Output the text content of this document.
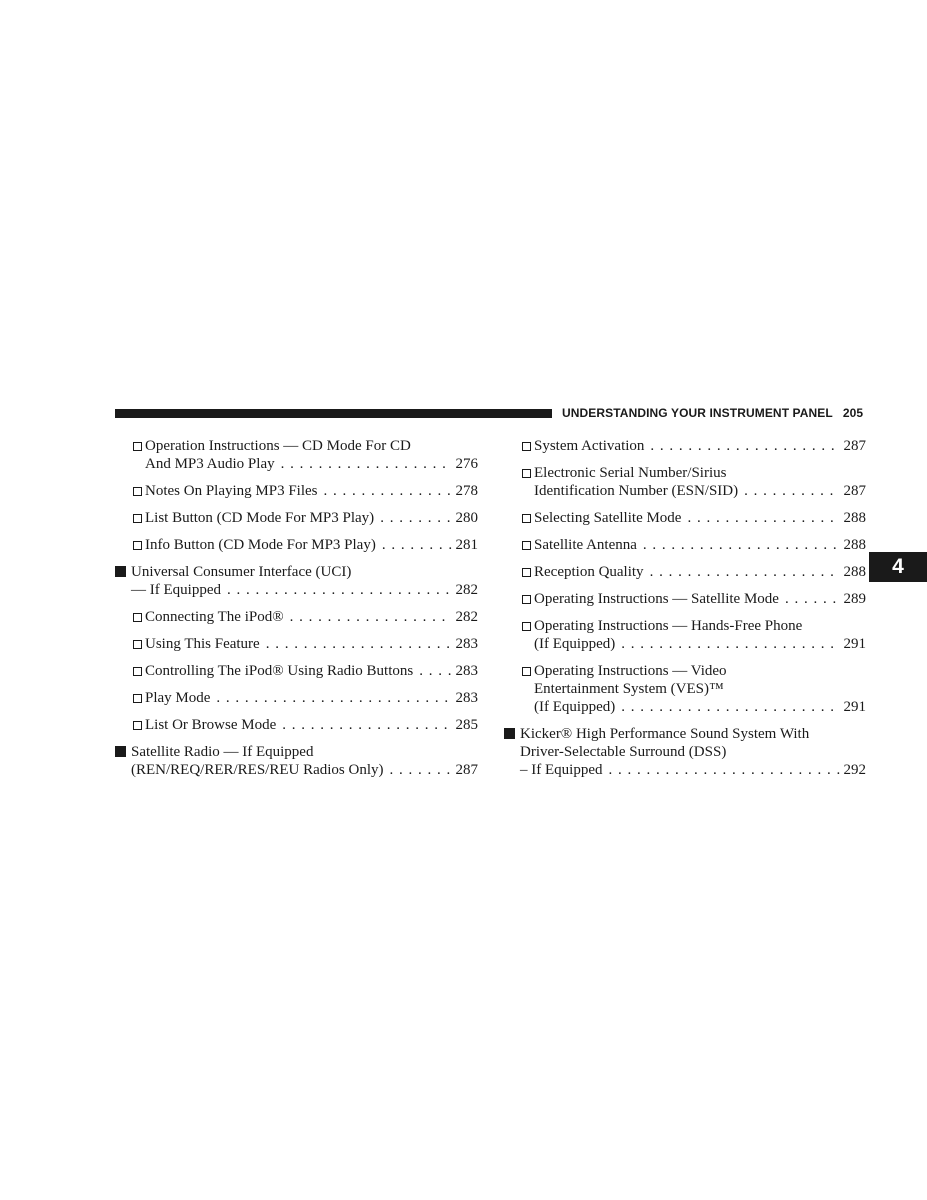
UNDERSTANDING YOUR INSTRUMENT PANEL 205
4
Operation Instructions — CD Mode For CD
And MP3 Audio Play . . .	276
Notes On Playing MP3 Files . . .	278
List Button (CD Mode For MP3 Play) . . .	280
Info Button (CD Mode For MP3 Play) . . .	281
Universal Consumer Interface (UCI)
— If Equipped . . .	282
Connecting The iPod® . . .	282
Using This Feature . . .	283
Controlling The iPod® Using Radio Buttons . . .	283
Play Mode . . .	283
List Or Browse Mode . . .	285
Satellite Radio — If Equipped
(REN/REQ/RER/RES/REU Radios Only) . . .	287
System Activation . . .	287
Electronic Serial Number/Sirius
Identification Number (ESN/SID) . . .	287
Selecting Satellite Mode . . .	288
Satellite Antenna . . .	288
Reception Quality . . .	288
Operating Instructions — Satellite Mode . . .	289
Operating Instructions — Hands-Free Phone
(If Equipped) . . .	291
Operating Instructions — Video
Entertainment System (VES)™
(If Equipped) . . .	291
Kicker® High Performance Sound System With
Driver-Selectable Surround (DSS)
– If Equipped . . .	292
